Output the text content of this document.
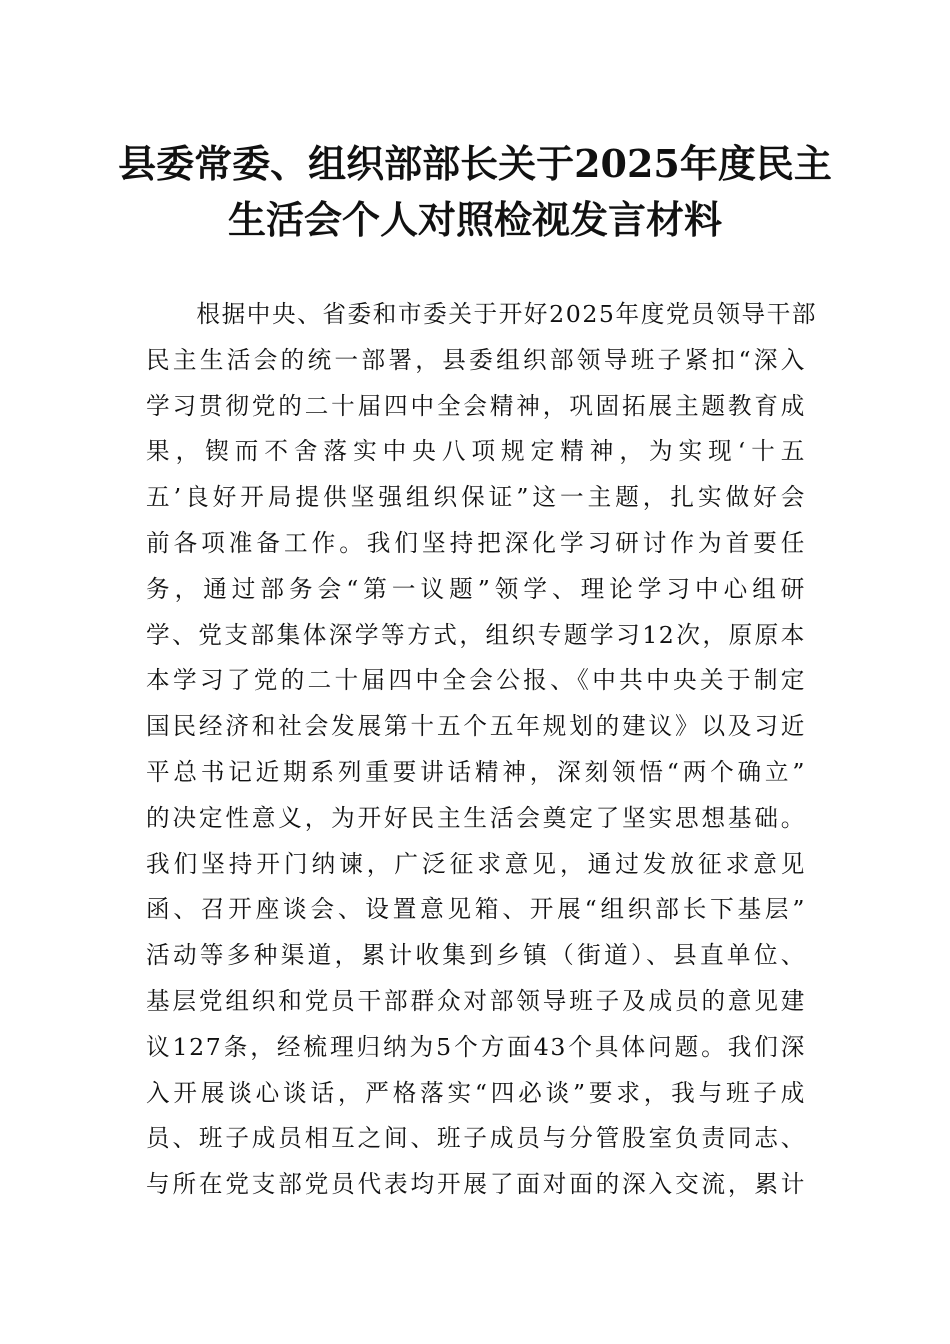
县委常委、组织部部长关于2025年度民主
生活会个人对照检视发言材料
　　根据中央、省委和市委关于开好2025年度党员领导干部
民主生活会的统一部署，县委组织部领导班子紧扣“深入
学习贯彻党的二十届四中全会精神，巩固拓展主题教育成
果，锲而不舍落实中央八项规定精神，为实现‘十五
五’良好开局提供坚强组织保证”这一主题，扎实做好会
前各项准备工作。我们坚持把深化学习研讨作为首要任
务，通过部务会“第一议题”领学、理论学习中心组研
学、党支部集体深学等方式，组织专题学习12次，原原本
本学习了党的二十届四中全会公报、《中共中央关于制定
国民经济和社会发展第十五个五年规划的建议》以及习近
平总书记近期系列重要讲话精神，深刻领悟“两个确立”
的决定性意义，为开好民主生活会奠定了坚实思想基础。
我们坚持开门纳谏，广泛征求意见，通过发放征求意见
函、召开座谈会、设置意见箱、开展“组织部长下基层”
活动等多种渠道，累计收集到乡镇（街道）、县直单位、
基层党组织和党员干部群众对部领导班子及成员的意见建
议127条，经梳理归纳为5个方面43个具体问题。我们深
入开展谈心谈话，严格落实“四必谈”要求，我与班子成
员、班子成员相互之间、班子成员与分管股室负责同志、
与所在党支部党员代表均开展了面对面的深入交流，累计
